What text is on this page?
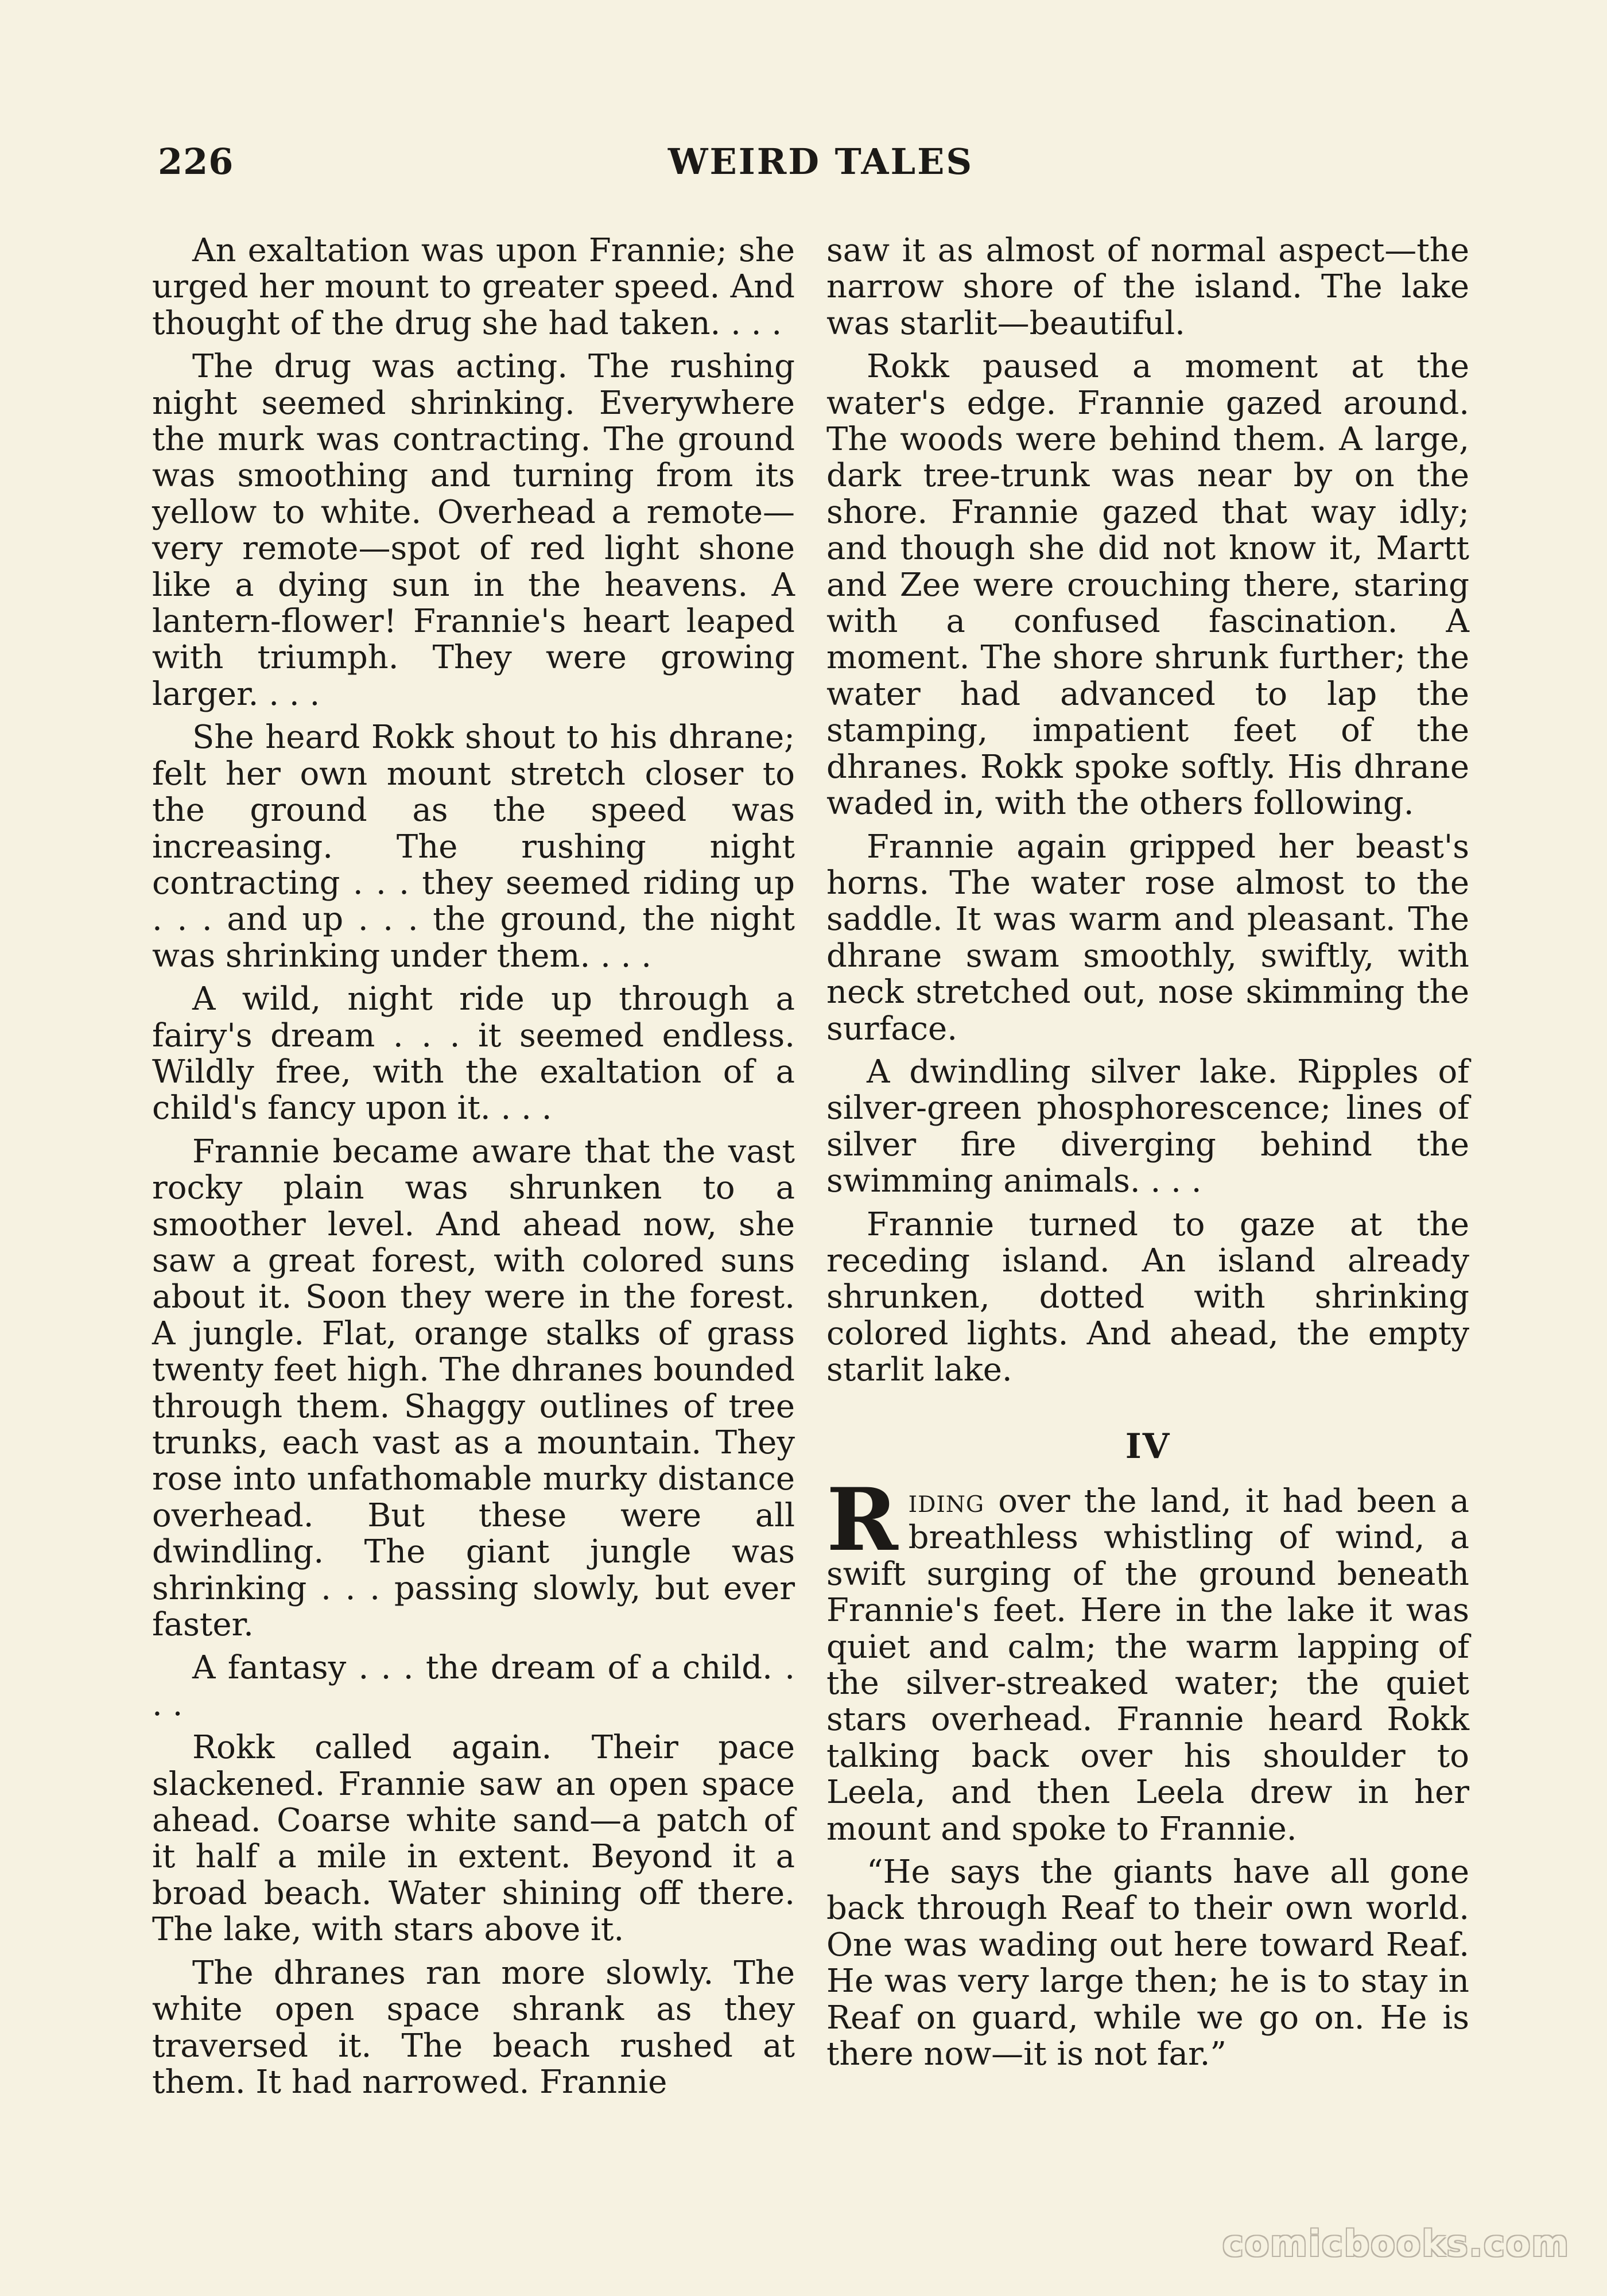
226	WEIRD TALES

An exaltation was upon Frannie; she urged her mount to greater speed. And thought of the drug she had taken. . . .

The drug was acting. The rushing night seemed shrinking. Everywhere the murk was contracting. The ground was smoothing and turning from its yellow to white. Overhead a remote—very remote—spot of red light shone like a dying sun in the heavens. A lantern-flower! Frannie's heart leaped with triumph. They were growing larger. . . .

She heard Rokk shout to his dhrane; felt her own mount stretch closer to the ground as the speed was increasing. The rushing night contracting . . . they seemed riding up . . . and up . . . the ground, the night was shrinking under them. . . .

A wild, night ride up through a fairy's dream . . . it seemed endless. Wildly free, with the exaltation of a child's fancy upon it. . . .

Frannie became aware that the vast rocky plain was shrunken to a smoother level. And ahead now, she saw a great forest, with colored suns about it. Soon they were in the forest. A jungle. Flat, orange stalks of grass twenty feet high. The dhranes bounded through them. Shaggy outlines of tree trunks, each vast as a mountain. They rose into unfathomable murky distance overhead. But these were all dwindling. The giant jungle was shrinking . . . passing slowly, but ever faster.

A fantasy . . . the dream of a child. . . .

Rokk called again. Their pace slackened. Frannie saw an open space ahead. Coarse white sand—a patch of it half a mile in extent. Beyond it a broad beach. Water shining off there. The lake, with stars above it.

The dhranes ran more slowly. The white open space shrank as they traversed it. The beach rushed at them. It had narrowed. Frannie

saw it as almost of normal aspect—the narrow shore of the island. The lake was starlit—beautiful.

Rokk paused a moment at the water's edge. Frannie gazed around. The woods were behind them. A large, dark tree-trunk was near by on the shore. Frannie gazed that way idly; and though she did not know it, Martt and Zee were crouching there, staring with a confused fascination. A moment. The shore shrunk further; the water had advanced to lap the stamping, impatient feet of the dhranes. Rokk spoke softly. His dhrane waded in, with the others following.

Frannie again gripped her beast's horns. The water rose almost to the saddle. It was warm and pleasant. The dhrane swam smoothly, swiftly, with neck stretched out, nose skimming the surface.

A dwindling silver lake. Ripples of silver-green phosphorescence; lines of silver fire diverging behind the swimming animals. . . .

Frannie turned to gaze at the receding island. An island already shrunken, dotted with shrinking colored lights. And ahead, the empty starlit lake.

IV

Riding over the land, it had been a breathless whistling of wind, a swift surging of the ground beneath Frannie's feet. Here in the lake it was quiet and calm; the warm lapping of the silver-streaked water; the quiet stars overhead. Frannie heard Rokk talking back over his shoulder to Leela, and then Leela drew in her mount and spoke to Frannie.

“He says the giants have all gone back through Reaf to their own world. One was wading out here toward Reaf. He was very large then; he is to stay in Reaf on guard, while we go on. He is there now—it is not far.”

comicbooks.com
